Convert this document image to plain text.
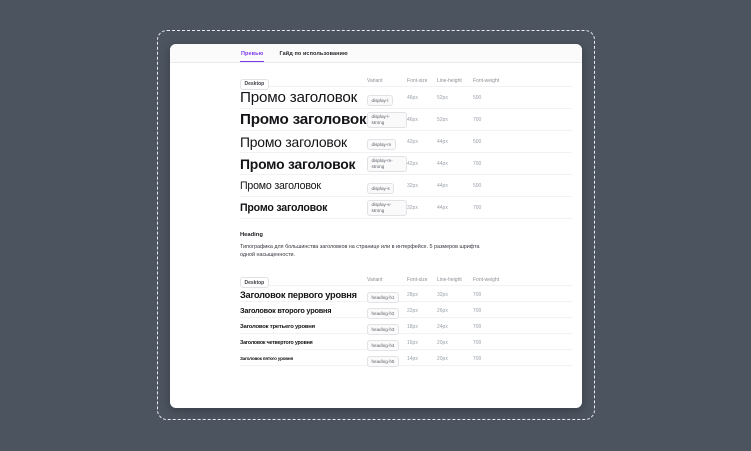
Превью	Гайд по использованию
Desktop	Variant	Font-size	Line-height	Font-weight
Промо заголовок	display-l	46px	52px	500
Промо заголовок	display-l-strong	46px	52px	700
Промо заголовок	display-m	42px	44px	500
Промо заголовок	display-m-strong	42px	44px	700
Промо заголовок	display-s	32px	44px	500
Промо заголовок	display-s-strong	32px	44px	700
Heading
Типографика для большинства заголовков на странице или в интерфейсе. 5 размеров шрифта одной насыщенности.
Desktop	Variant	Font-size	Line-height	Font-weight
Заголовок первого уровня	heading-h1	28px	32px	700
Заголовок второго уровня	heading-h2	22px	26px	700
Заголовок третьего уровня	heading-h3	18px	24px	700
Заголовок четвертого уровня	heading-h4	16px	20px	700
Заголовок пятого уровня	heading-h5	14px	20px	700
